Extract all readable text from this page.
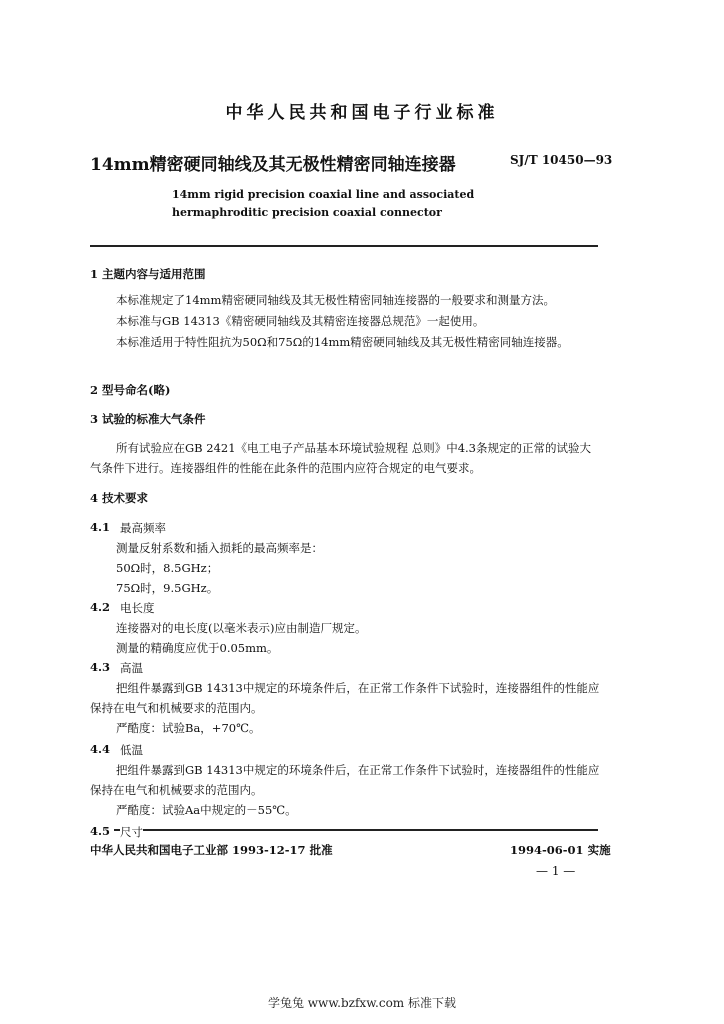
中华人民共和国电子行业标准
14mm精密硬同轴线及其无极性精密同轴连接器	SJ/T 10450—93
14mm rigid precision coaxial line and associated
hermaphroditic precision coaxial connector
1 主题内容与适用范围
本标准规定了14mm精密硬同轴线及其无极性精密同轴连接器的一般要求和测量方法。
本标准与GB 14313《精密硬同轴线及其精密连接器总规范》一起使用。
本标准适用于特性阻抗为50Ω和75Ω的14mm精密硬同轴线及其无极性精密同轴连接器。
2 型号命名(略)
3 试验的标准大气条件
所有试验应在GB 2421《电工电子产品基本环境试验规程 总则》中4.3条规定的正常的试验大气条件下进行。连接器组件的性能在此条件的范围内应符合规定的电气要求。
4 技术要求
4.1 最高频率
测量反射系数和插入损耗的最高频率是：
50Ω时，8.5GHz；
75Ω时，9.5GHz。
4.2 电长度
连接器对的电长度(以毫米表示)应由制造厂规定。
测量的精确度应优于0.05mm。
4.3 高温
把组件暴露到GB 14313中规定的环境条件后，在正常工作条件下试验时，连接器组件的性能应保持在电气和机械要求的范围内。
严酷度：试验Ba，+70℃。
4.4 低温
把组件暴露到GB 14313中规定的环境条件后，在正常工作条件下试验时，连接器组件的性能应保持在电气和机械要求的范围内。
严酷度：试验Aa中规定的－55℃。
4.5 尺寸
中华人民共和国电子工业部 1993-12-17 批准	1994-06-01 实施
— 1 —
学兔兔 www.bzfxw.com 标准下载
